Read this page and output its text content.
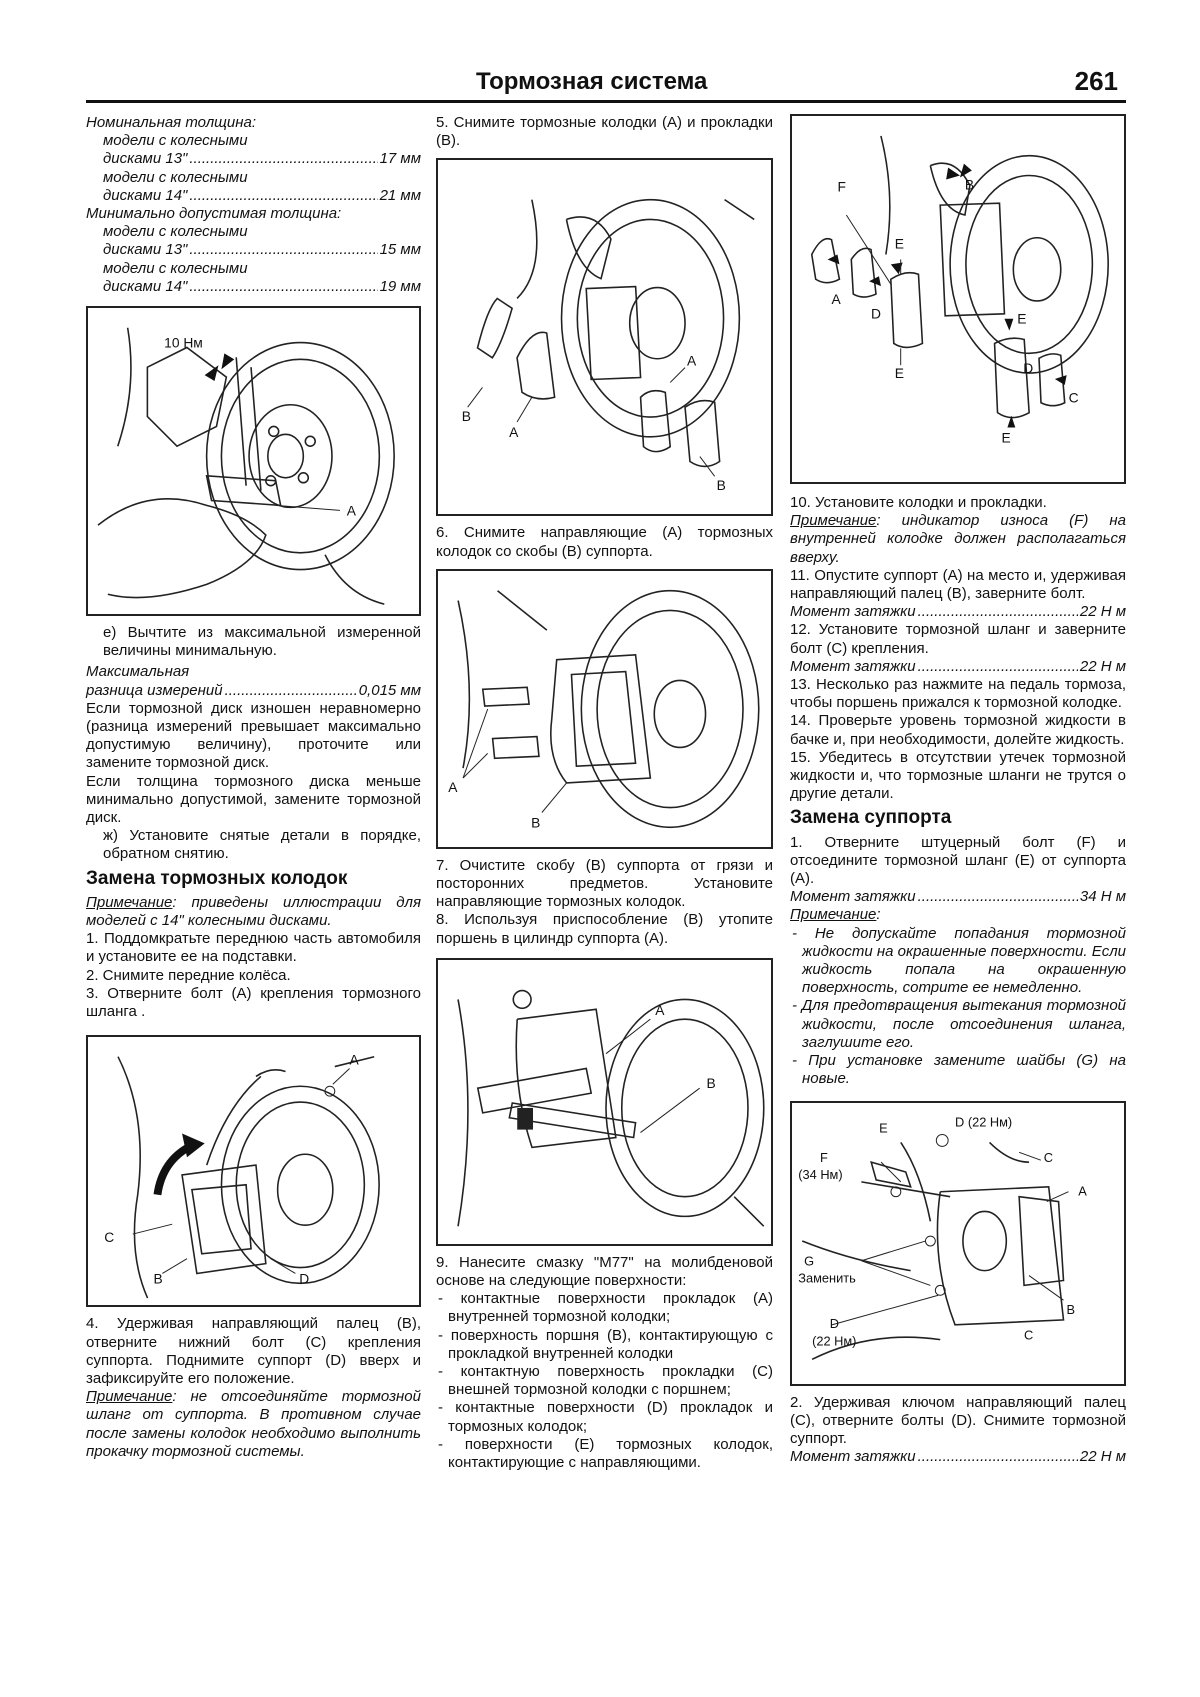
Тормозная система	261

Номинальная толщина:

модели с колесными

дисками 13" .....	17 мм

модели с колесными

дисками 14" .....	21 мм

Минимально допустимая толщина:

модели с колесными

дисками 13" .....	15 мм

модели с колесными

дисками 14" .....	19 мм
10 Нм
A

е) Вычтите из максимальной измеренной величины минимальную.

Максимальная

разница измерений .....	0,015 мм

Если тормозной диск изношен неравномерно (разница измерений превышает максимально допустимую величину), проточите или замените тормозной диск.

Если толщина тормозного диска меньше минимально допустимой, замените тормозной диск.

ж) Установите снятые детали в порядке, обратном снятию.

Замена тормозных колодок

Примечание: приведены иллюстрации для моделей с 14" колесными дисками.

1. Поддомкратьте переднюю часть автомобиля и установите ее на подставки.

2. Снимите передние колёса.

3. Отверните болт (A) крепления тормозного шланга .

A
C
B	D

4. Удерживая направляющий палец (B), отверните нижний болт (C) крепления суппорта. Поднимите суппорт (D) вверх и зафиксируйте его положение.

Примечание: не отсоединяйте тормозной шланг от суппорта. В противном случае после замены колодок необходимо выполнить прокачку тормозной системы.

5. Снимите тормозные колодки (A) и прокладки (B).

B
A
A
B

6. Снимите направляющие (A) тормозных колодок со скобы (B) суппорта.

A
B

7. Очистите скобу (B) суппорта от грязи и посторонних предметов. Установите направляющие тормозных колодок.

8. Используя приспособление (B) утопите поршень в цилиндр суппорта (A).

A
B

9. Нанесите смазку "M77" на молибденовой основе на следующие поверхности:

- контактные поверхности прокладок (A) внутренней тормозной колодки;

- поверхность поршня (B), контактирующую с прокладкой внутренней колодки

- контактную поверхность прокладки (C) внешней тормозной колодки с поршнем;

- контактные поверхности (D) прокладок и тормозных колодок;

- поверхности (E) тормозных колодок, контактирующие с направляющими.

B
F
E
A
D
E
E
D
C
E

10. Установите колодки и прокладки.

Примечание: индикатор износа (F) на внутренней колодке должен располагаться вверху.

11. Опустите суппорт (A) на место и, удерживая направляющий палец (B), заверните болт.

Момент затяжки .....	22 Н м

12. Установите тормозной шланг и заверните болт (C) крепления.

Момент затяжки .....	22 Н м

13. Несколько раз нажмите на педаль тормоза, чтобы поршень прижался к тормозной колодке.

14. Проверьте уровень тормозной жидкости в бачке и, при необходимости, долейте жидкость.

15. Убедитесь в отсутствии утечек тормозной жидкости и, что тормозные шланги не трутся о другие детали.

Замена суппорта

1. Отверните штуцерный болт (F) и отсоедините тормозной шланг (E) от суппорта (A).

Момент затяжки .....	34 Н м

Примечание:

- Не допускайте попадания тормозной жидкости на окрашенные поверхности. Если жидкость попала на окрашенную поверхность, сотрите ее немедленно.

- Для предотвращения вытекания тормозной жидкости, после отсоединения шланга, заглушите его.

- При установке замените шайбы (G) на новые.

D (22 Нм)
E
F
(34 Нм)
C
A
G
Заменить
D
(22 Нм)	C
B

2. Удерживая ключом направляющий палец (C), отверните болты (D). Снимите тормозной суппорт.

Момент затяжки .....	22 Н м
